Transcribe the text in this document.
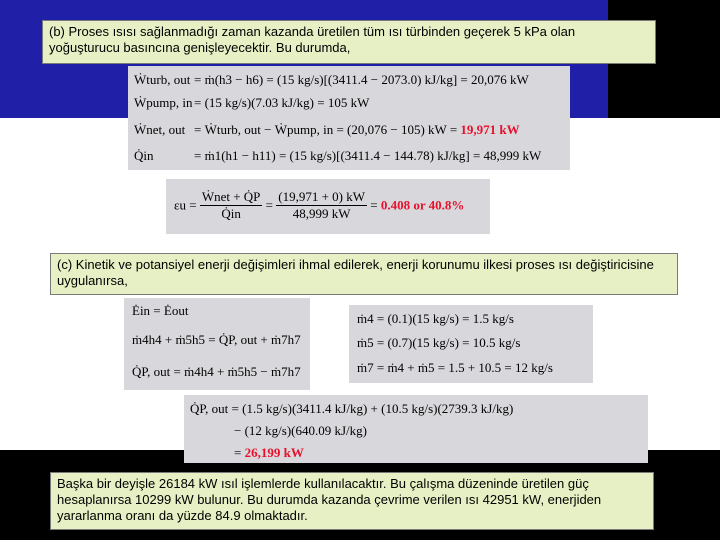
(b) Proses ısısı sağlanmadığı zaman kazanda üretilen tüm ısı türbinden geçerek 5 kPa olan yoğuşturucu basıncına genişleyecektir. Bu durumda,
Ẇturb, out = ṁ(h3 − h6) = (15 kg/s)[(3411.4 − 2073.0) kJ/kg] = 20,076 kW
Ẇpump, in = (15 kg/s)(7.03 kJ/kg) = 105 kW
Ẇnet, out = Ẇturb, out − Ẇpump, in = (20,076 − 105) kW = 19,971 kW
Q̇in	= ṁ1(h1 − h11) = (15 kg/s)[(3411.4 − 144.78) kJ/kg] = 48,999 kW
$\varepsilon u = \frac{\text{Ẇnet + Q̇P}}{Q̇in} = \frac{(19,971 + 0) kW}{48,999 kW} = 0.408$ or 40.8%
(c) Kinetik ve potansiyel enerji değişimleri ihmal edilerek, enerji korunumu ilkesi proses ısı değiştiricisine uygulanırsa,
Ėin = Ėout
ṁ4h4 + ṁ5h5 = Q̇P, out + ṁ7h7
Q̇P, out = ṁ4h4 + ṁ5h5 − ṁ7h7
ṁ4 = (0.1)(15 kg/s) = 1.5 kg/s
ṁ5 = (0.7)(15 kg/s) = 10.5 kg/s
ṁ7 = ṁ4 + ṁ5 = 1.5 + 10.5 = 12 kg/s
Q̇P, out = (1.5 kg/s)(3411.4 kJ/kg) + (10.5 kg/s)(2739.3 kJ/kg)
− (12 kg/s)(640.09 kJ/kg)
= 26,199 kW
Başka bir deyişle 26184 kW ısıl işlemlerde kullanılacaktır. Bu çalışma düzeninde üretilen güç hesaplanırsa 10299 kW bulunur. Bu durumda kazanda çevrime verilen ısı 42951 kW, enerjiden yararlanma oranı da yüzde 84.9 olmaktadır.
